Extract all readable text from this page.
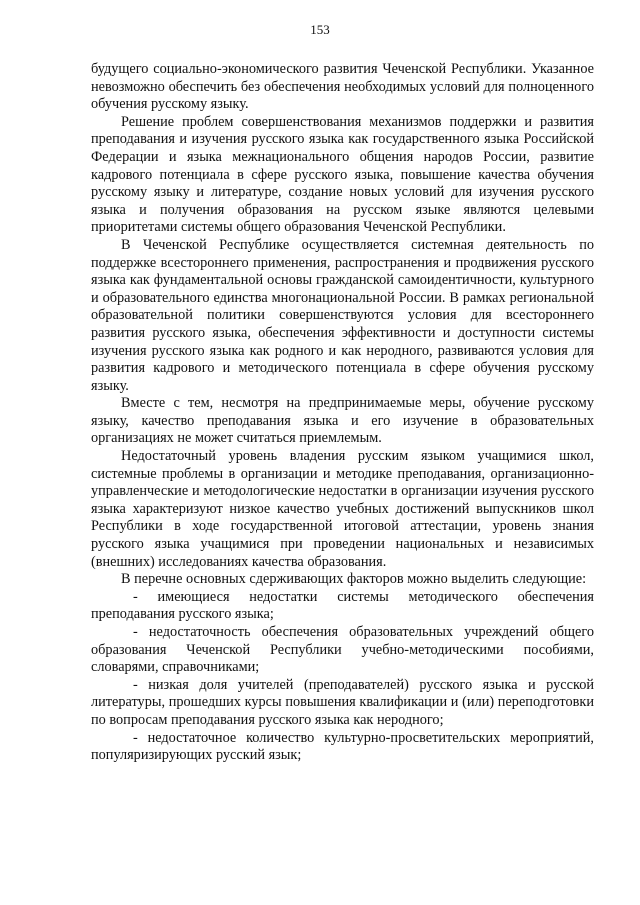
153

будущего социально-экономического развития Чеченской Республики. Указанное невозможно обеспечить без обеспечения необходимых условий для полноценного обучения русскому языку.

Решение проблем совершенствования механизмов поддержки и развития преподавания и изучения русского языка как государственного языка Российской Федерации и языка межнационального общения народов России, развитие кадрового потенциала в сфере русского языка, повышение качества обучения русскому языку и литературе, создание новых условий для изучения русского языка и получения образования на русском языке являются целевыми приоритетами системы общего образования Чеченской Республики.

В Чеченской Республике осуществляется системная деятельность по поддержке всестороннего применения, распространения и продвижения русского языка как фундаментальной основы гражданской самоидентичности, культурного и образовательного единства многонациональной России. В рамках региональной образовательной политики совершенствуются условия для всестороннего развития русского языка, обеспечения эффективности и доступности системы изучения русского языка как родного и как неродного, развиваются условия для развития кадрового и методического потенциала в сфере обучения русскому языку.

Вместе с тем, несмотря на предпринимаемые меры, обучение русскому языку, качество преподавания языка и его изучение в образовательных организациях не может считаться приемлемым.

Недостаточный уровень владения русским языком учащимися школ, системные проблемы в организации и методике преподавания, организационно-управленческие и методологические недостатки в организации изучения русского языка характеризуют низкое качество учебных достижений выпускников школ Республики в ходе государственной итоговой аттестации, уровень знания русского языка учащимися при проведении национальных и независимых (внешних) исследованиях качества образования.

В перечне основных сдерживающих факторов можно выделить следующие:

- имеющиеся недостатки системы методического обеспечения преподавания русского языка;

- недостаточность обеспечения образовательных учреждений общего образования Чеченской Республики учебно-методическими пособиями, словарями, справочниками;

- низкая доля учителей (преподавателей) русского языка и русской литературы, прошедших курсы повышения квалификации и (или) переподготовки по вопросам преподавания русского языка как неродного;

- недостаточное количество культурно-просветительских мероприятий, популяризирующих русский язык;
